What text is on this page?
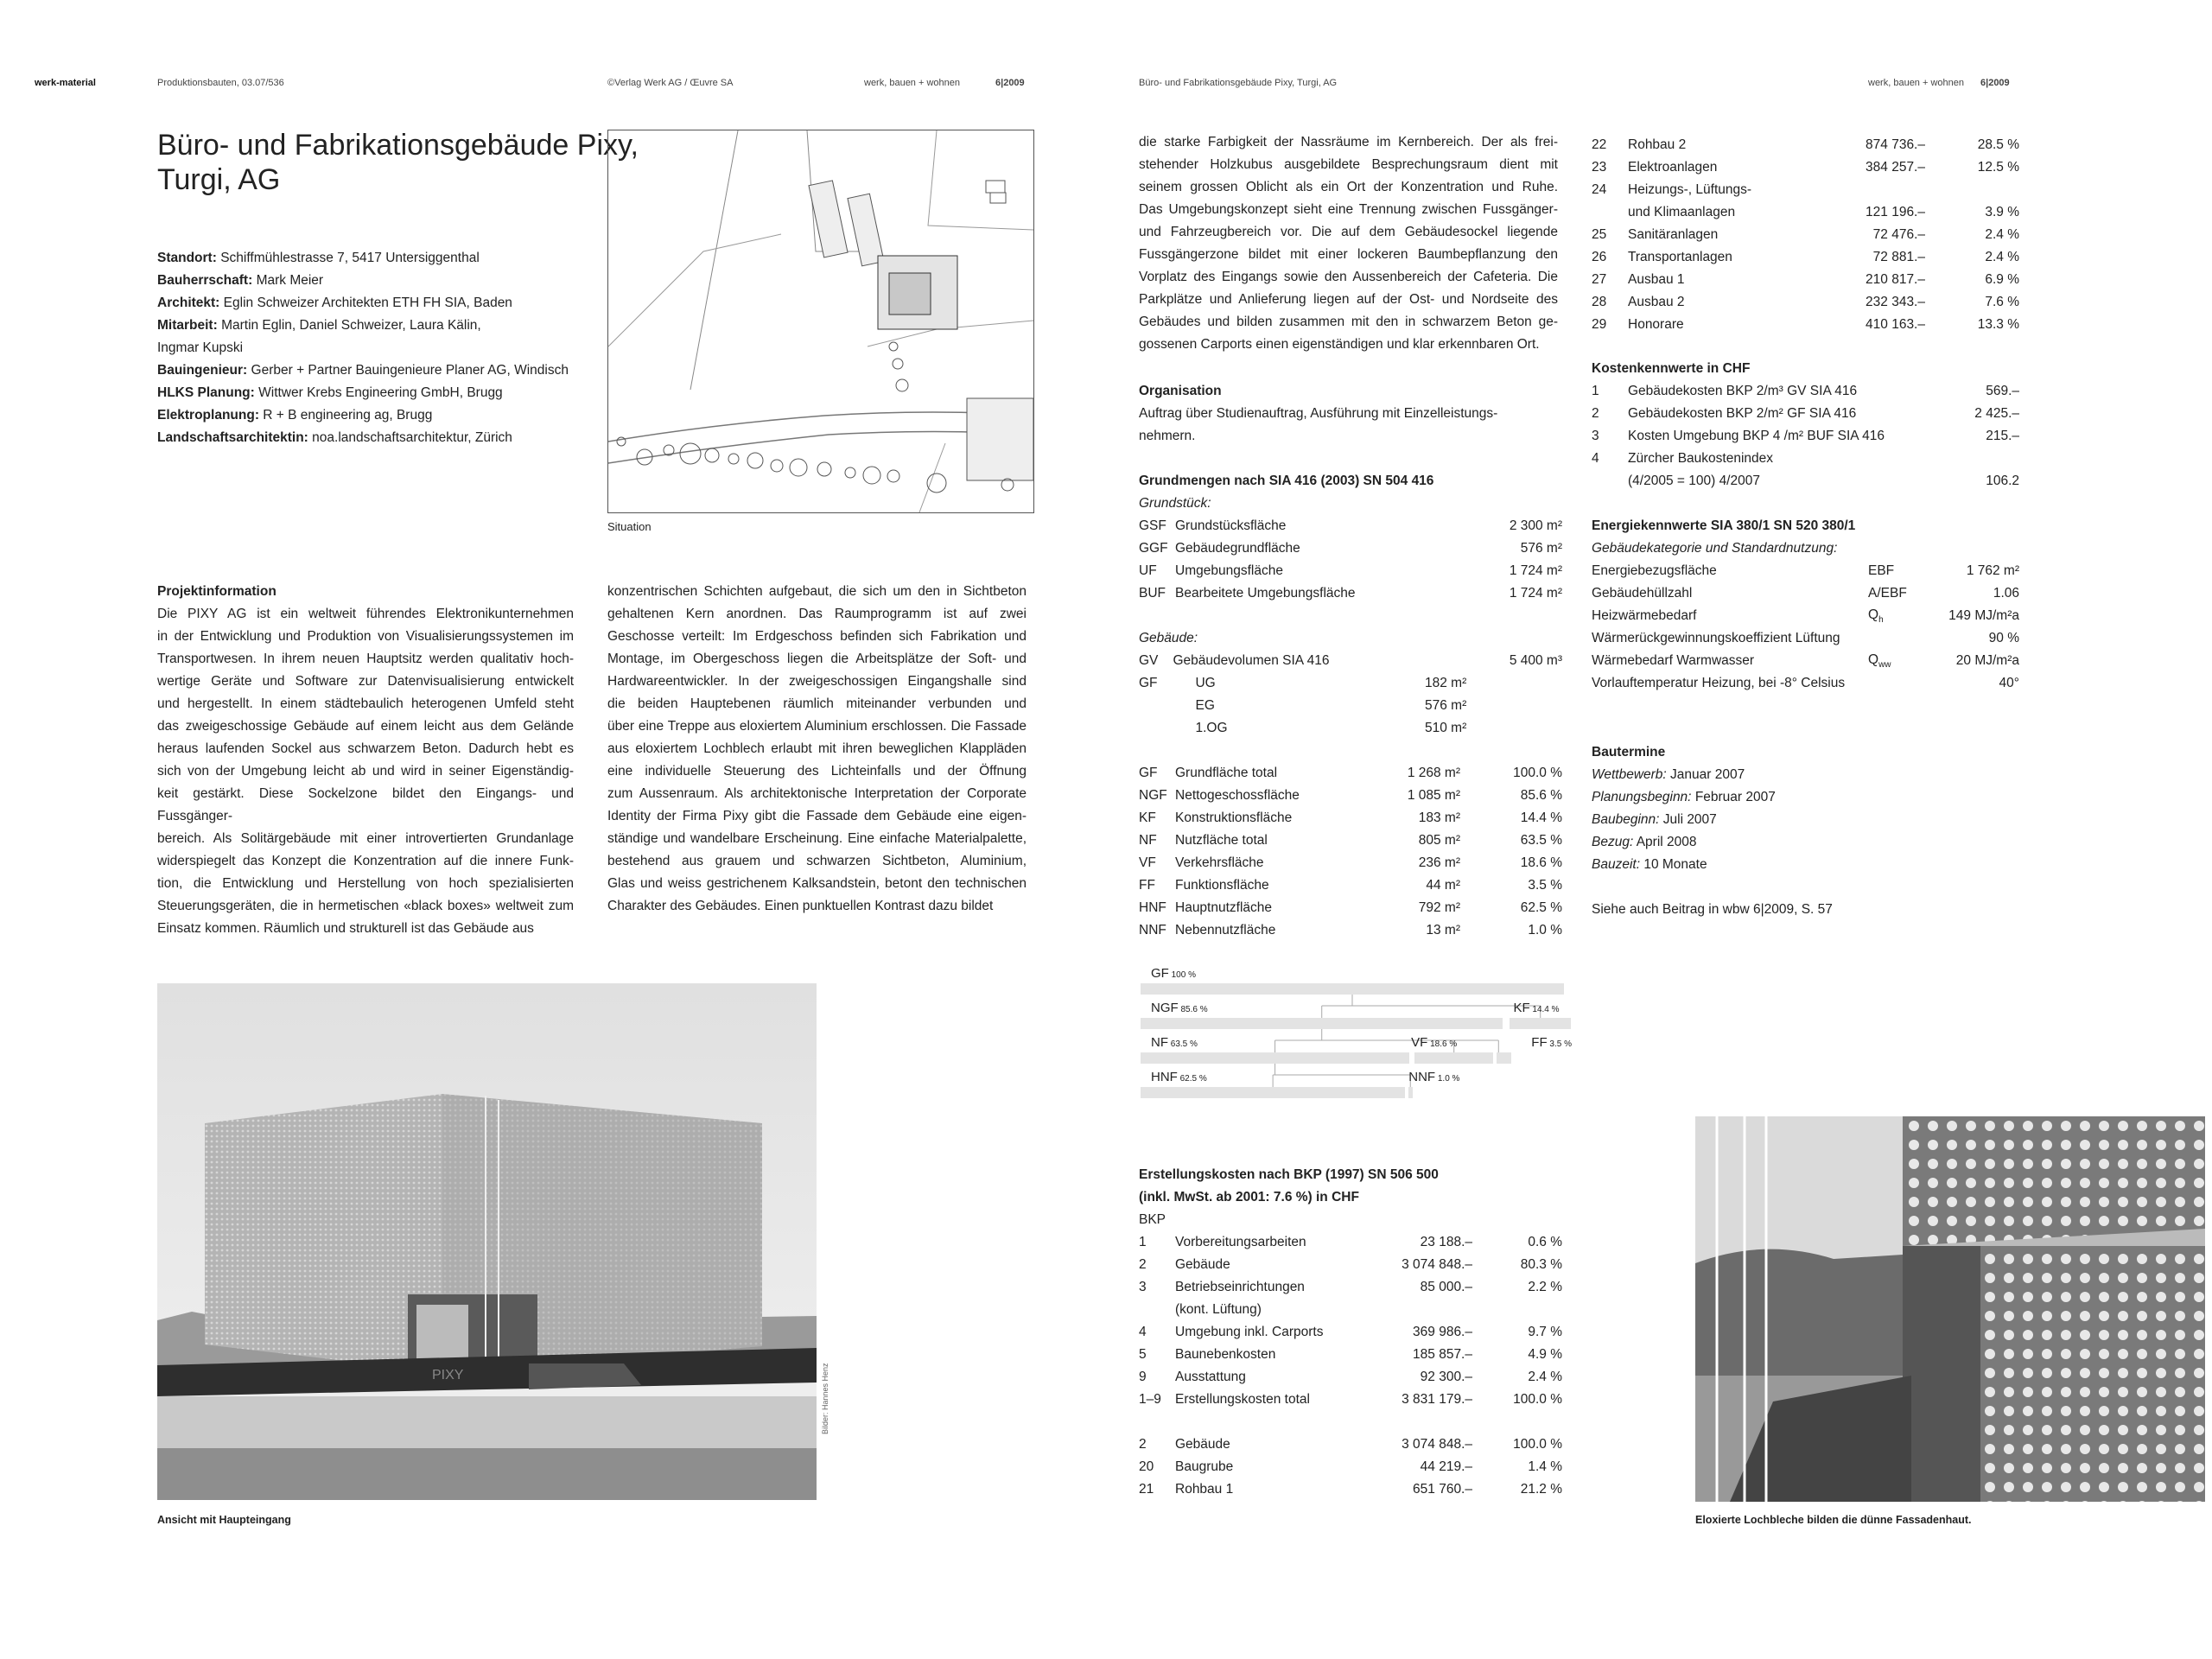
werk-material	Produktionsbauten, 03.07/536	©Verlag Werk AG / Œuvre SA	werk, bauen + wohnen	6|2009	Büro- und Fabrikationsgebäude Pixy, Turgi, AG	werk, bauen + wohnen 6|2009
Büro- und Fabrikationsgebäude Pixy,
Turgi, AG
Standort: Schiffmühlestrasse 7, 5417 Untersiggenthal
Bauherrschaft: Mark Meier
Architekt: Eglin Schweizer Architekten ETH FH SIA, Baden
Mitarbeit: Martin Eglin, Daniel Schweizer, Laura Kälin,
Ingmar Kupski
Bauingenieur: Gerber + Partner Bauingenieure Planer AG, Windisch
HLKS Planung: Wittwer Krebs Engineering GmbH, Brugg
Elektroplanung: R + B engineering ag, Brugg
Landschaftsarchitektin: noa.landschaftsarchitektur, Zürich
Situation
Projektinformation
Die PIXY AG ist ein weltweit führendes Elektronikunternehmen
in der Entwicklung und Produktion von Visualisierungssystemen im
Transportwesen. In ihrem neuen Hauptsitz werden qualitativ hoch-
wertige Geräte und Software zur Datenvisualisierung entwickelt
und hergestellt. In einem städtebaulich heterogenen Umfeld steht
das zweigeschossige Gebäude auf einem leicht aus dem Gelände
heraus laufenden Sockel aus schwarzem Beton. Dadurch hebt es
sich von der Umgebung leicht ab und wird in seiner Eigenständig-
keit gestärkt. Diese Sockelzone bildet den Eingangs- und Fussgänger-
bereich. Als Solitärgebäude mit einer introvertierten Grundanlage
widerspiegelt das Konzept die Konzentration auf die innere Funk-
tion, die Entwicklung und Herstellung von hoch spezialisierten
Steuerungsgeräten, die in hermetischen «black boxes» weltweit zum
Einsatz kommen. Räumlich und strukturell ist das Gebäude aus
konzentrischen Schichten aufgebaut, die sich um den in Sichtbeton
gehaltenen Kern anordnen. Das Raumprogramm ist auf zwei
Geschosse verteilt: Im Erdgeschoss befinden sich Fabrikation und
Montage, im Obergeschoss liegen die Arbeitsplätze der Soft- und
Hardwareentwickler. In der zweigeschossigen Eingangshalle sind
die beiden Hauptebenen räumlich miteinander verbunden und
über eine Treppe aus eloxiertem Aluminium erschlossen. Die Fassade
aus eloxiertem Lochblech erlaubt mit ihren beweglichen Klappläden
eine individuelle Steuerung des Lichteinfalls und der Öffnung
zum Aussenraum. Als architektonische Interpretation der Corporate
Identity der Firma Pixy gibt die Fassade dem Gebäude eine eigen-
ständige und wandelbare Erscheinung. Eine einfache Materialpalette,
bestehend aus grauem und schwarzen Sichtbeton, Aluminium,
Glas und weiss gestrichenem Kalksandstein, betont den technischen
Charakter des Gebäudes. Einen punktuellen Kontrast dazu bildet
die starke Farbigkeit der Nassräume im Kernbereich. Der als frei-
stehender Holzkubus ausgebildete Besprechungsraum dient mit
seinem grossen Oblicht als ein Ort der Konzentration und Ruhe.
Das Umgebungskonzept sieht eine Trennung zwischen Fussgänger-
und Fahrzeugbereich vor. Die auf dem Gebäudesockel liegende
Fussgängerzone bildet mit einer lockeren Baumbepflanzung den
Vorplatz des Eingangs sowie den Aussenbereich der Cafeteria. Die
Parkplätze und Anlieferung liegen auf der Ost- und Nordseite des
Gebäudes und bilden zusammen mit den in schwarzem Beton ge-
gossenen Carports einen eigenständigen und klar erkennbaren Ort.
Organisation
Auftrag über Studienauftrag, Ausführung mit Einzelleistungs-
nehmern.
Grundmengen nach SIA 416 (2003) SN 504 416
Grundstück:
GSF	Grundstücksfläche	2 300 m²
GGF	Gebäudegrundfläche	576 m²
UF	Umgebungsfläche	1 724 m²
BUF	Bearbeitete Umgebungsfläche	1 724 m²
Gebäude:
GV	Gebäudevolumen SIA 416		5 400 m³
GF	UG	182 m²	
	EG	576 m²	
	1.OG	510 m²	
GF	Grundfläche total	1 268 m²	100.0 %
NGF	Nettogeschossfläche	1 085 m²	85.6 %
KF	Konstruktionsfläche	183 m²	14.4 %
NF	Nutzfläche total	805 m²	63.5 %
VF	Verkehrsfläche	236 m²	18.6 %
FF	Funktionsfläche	44 m²	3.5 %
HNF	Hauptnutzfläche	792 m²	62.5 %
NNF	Nebennutzfläche	13 m²	1.0 %
GF 100 %
NGF 85.6 %	KF 14.4 %
NF 63.5 %	VF 18.6 %	FF 3.5 %
HNF 62.5 %	NNF 1.0 %
Erstellungskosten nach BKP (1997) SN 506 500
(inkl. MwSt. ab 2001: 7.6 %) in CHF
BKP
1	Vorbereitungsarbeiten	23 188.–	0.6 %
2	Gebäude	3 074 848.–	80.3 %
3	Betriebseinrichtungen	85 000.–	2.2 %
	(kont. Lüftung)		
4	Umgebung inkl. Carports	369 986.–	9.7 %
5	Baunebenkosten	185 857.–	4.9 %
9	Ausstattung	92 300.–	2.4 %
1–9	Erstellungskosten total	3 831 179.–	100.0 %
2	Gebäude	3 074 848.–	100.0 %
20	Baugrube	44 219.–	1.4 %
21	Rohbau 1	651 760.–	21.2 %
22	Rohbau 2	874 736.–	28.5 %
23	Elektroanlagen	384 257.–	12.5 %
24	Heizungs-, Lüftungs-		
	und Klimaanlagen	121 196.–	3.9 %
25	Sanitäranlagen	72 476.–	2.4 %
26	Transportanlagen	72 881.–	2.4 %
27	Ausbau 1	210 817.–	6.9 %
28	Ausbau 2	232 343.–	7.6 %
29	Honorare	410 163.–	13.3 %
Kostenkennwerte in CHF
1	Gebäudekosten BKP 2/m³ GV SIA 416	569.–
2	Gebäudekosten BKP 2/m² GF SIA 416	2 425.–
3	Kosten Umgebung BKP 4 /m² BUF SIA 416	215.–
4	Zürcher Baukostenindex	
	(4/2005 = 100) 4/2007	106.2
Energiekennwerte SIA 380/1 SN 520 380/1
Gebäudekategorie und Standardnutzung:
Energiebezugsfläche	EBF	1 762 m²
Gebäudehüllzahl	A/EBF	1.06
Heizwärmebedarf	$Q_h$	149 MJ/m²a
Wärmerückgewinnungskoeffizient Lüftung		90 %
Wärmebedarf Warmwasser	$Q_{ww}$	20 MJ/m²a
Vorlauftemperatur Heizung, bei -8° Celsius		40°
Bautermine
Wettbewerb: Januar 2007
Planungsbeginn: Februar 2007
Baubeginn: Juli 2007
Bezug: April 2008
Bauzeit: 10 Monate
Siehe auch Beitrag in wbw 6|2009, S. 57
PIXY	Bilder: Hannes Henz
Ansicht mit Haupteingang	Eloxierte Lochbleche bilden die dünne Fassadenhaut.
